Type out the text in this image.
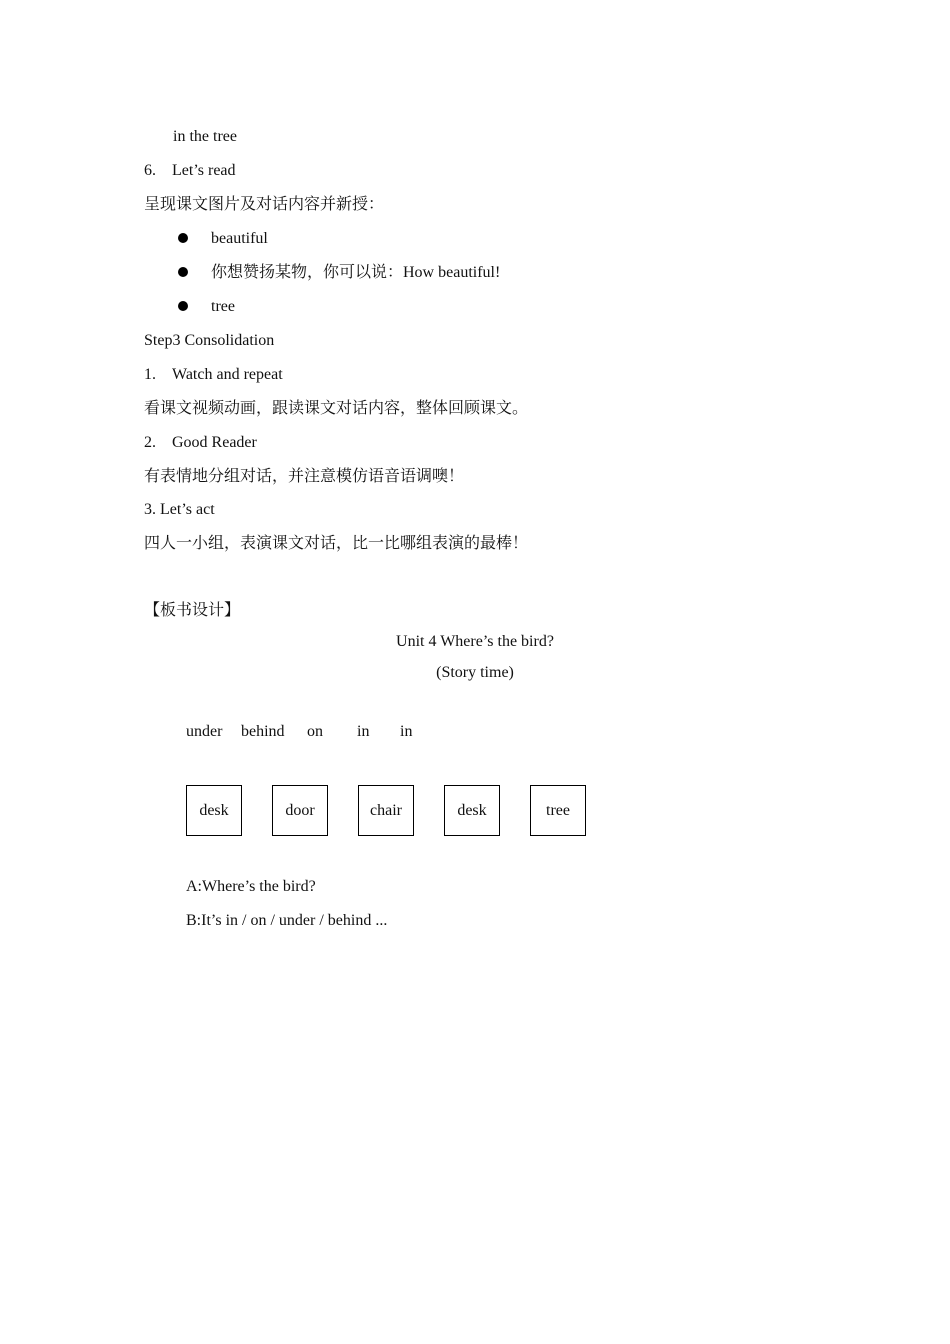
in the tree
6. Let’s read
呈现课文图片及对话内容并新授：
beautiful
你想赞扬某物，你可以说：How beautiful!
tree
Step3 Consolidation
1. Watch and repeat
看课文视频动画，跟读课文对话内容，整体回顾课文。
2. Good Reader
有表情地分组对话，并注意模仿语音语调噢！
3. Let’s act
四人一小组，表演课文对话，比一比哪组表演的最棒！
【板书设计】
Unit 4 Where’s the bird?
(Story time)
under behind on in in
desk	door	chair	desk	tree
A:Where’s the bird?
B:It’s in / on / under / behind ...
